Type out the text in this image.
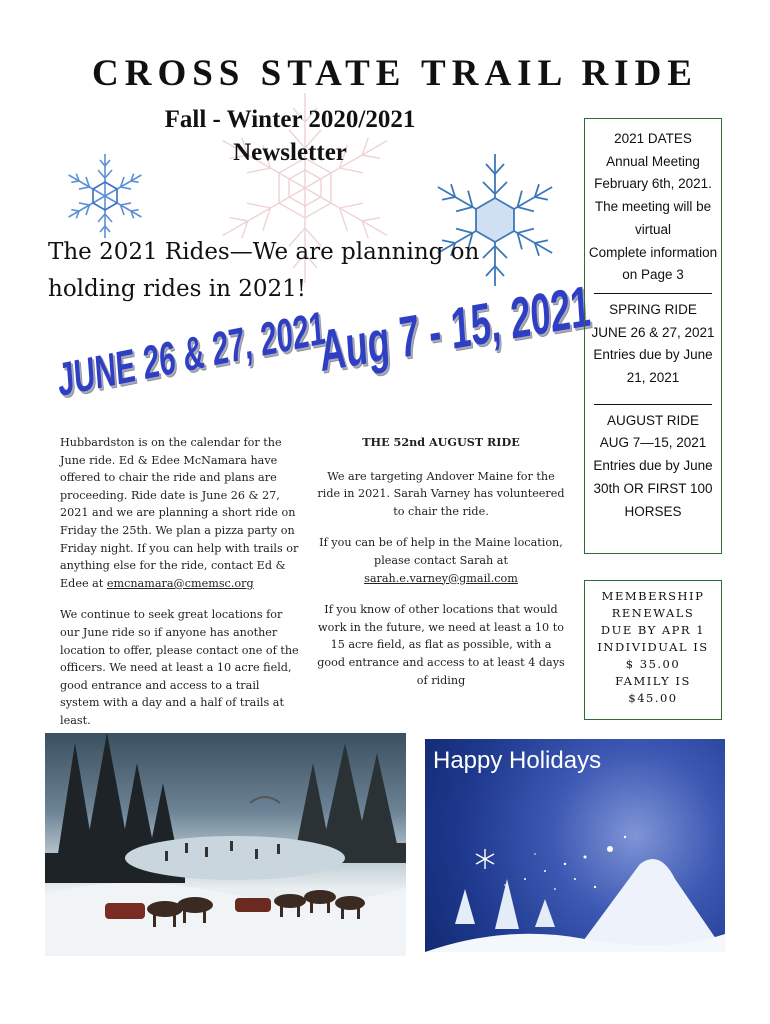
CROSS STATE TRAIL RIDE
Fall - Winter 2020/2021
Newsletter
The 2021 Rides—We are planning on
holding rides in 2021!
JUNE 26 & 27, 2021
Aug 7 - 15, 2021

Hubbardston is on the calendar for the June ride. Ed & Edee McNamara have offered to chair the ride and plans are proceeding. Ride date is June 26 & 27, 2021 and we are planning a short ride on Friday the 25th. We plan a pizza party on Friday night. If you can help with trails or anything else for the ride, contact Ed & Edee at emcnamara@cmemsc.org

We continue to seek great locations for our June ride so if anyone has another location to offer, please contact one of the officers. We need at least a 10 acre field, good entrance and access to a trail system with a day and a half of trails at least.

THE 52nd AUGUST RIDE

We are targeting Andover Maine for the ride in 2021. Sarah Varney has volunteered to chair the ride.

If you can be of help in the Maine location, please contact Sarah at
sarah.e.varney@gmail.com

If you know of other locations that would work in the future, we need at least a 10 to 15 acre field, as flat as possible, with a good entrance and access to at least 4 days of riding

2021 DATES
Annual Meeting February 6th, 2021. The meeting will be virtual
Complete information on Page 3
SPRING RIDE
JUNE 26 & 27, 2021
Entries due by June 21, 2021
AUGUST RIDE
AUG 7—15, 2021
Entries due by June 30th OR FIRST 100 HORSES
MEMBERSHIP
RENEWALS
DUE BY APR 1
INDIVIDUAL IS
$ 35.00
FAMILY IS
$45.00
Happy Holidays
